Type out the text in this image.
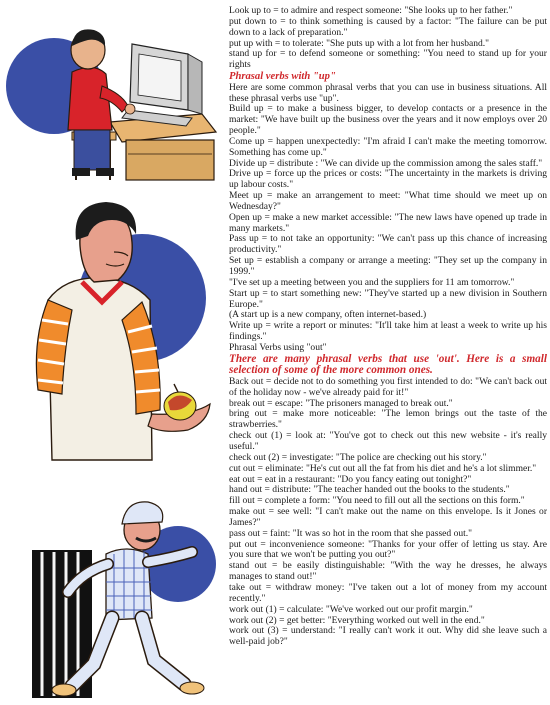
Look up to = to admire and respect someone: "She looks up to her father."

put down to = to think something is caused by a factor: "The failure can be put down to a lack of preparation."

put up with = to tolerate: "She puts up with a lot from her husband."

stand up for = to defend someone or something: "You need to stand up for your rights

Phrasal verbs with "up"

Here are some common phrasal verbs that you can use in business situations. All these phrasal verbs use "up".

Build up = to make a business bigger, to develop contacts or a presence in the market: "We have built up the business over the years and it now employs over 20 people."

Come up = happen unexpectedly: "I'm afraid I can't make the meeting tomorrow. Something has come up."

Divide up = distribute : "We can divide up the commission among the sales staff."

Drive up = force up the prices or costs: "The uncertainty in the markets is driving up labour costs."

Meet up = make an arrangement to meet: "What time should we meet up on Wednesday?"

Open up = make a new market accessible: "The new laws have opened up trade in many markets."

Pass up = to not take an opportunity: "We can't pass up this chance of increasing productivity."

Set up = establish a company or arrange a meeting: "They set up the company in 1999."

"I've set up a meeting between you and the suppliers for 11 am tomorrow."

Start up = to start something new: "They've started up a new division in Southern Europe."

(A start up is a new company, often internet-based.)

Write up = write a report or minutes: "It'll take him at least a week to write up his findings."

Phrasal Verbs using "out"

There are many phrasal verbs that use 'out'. Here is a small selection of some of the more common ones.

Back out = decide not to do something you first intended to do: "We can't back out of the holiday now - we've already paid for it!"

break out = escape: "The prisoners managed to break out."

bring out = make more noticeable: "The lemon brings out the taste of the strawberries."

check out (1) = look at: "You've got to check out this new website - it's really useful."

check out (2) = investigate: "The police are checking out his story."

cut out = eliminate: "He's cut out all the fat from his diet and he's a lot slimmer."

eat out = eat in a restaurant: "Do you fancy eating out tonight?"

hand out = distribute: "The teacher handed out the books to the students."

fill out = complete a form: "You need to fill out all the sections on this form."

make out = see well: "I can't make out the name on this envelope. Is it Jones or James?"

pass out = faint: "It was so hot in the room that she passed out."

put out = inconvenience someone: "Thanks for your offer of letting us stay. Are you sure that we won't be putting you out?"

stand out = be easily distinguishable: "With the way he dresses, he always manages to stand out!"

take out = withdraw money: "I've taken out a lot of money from my account recently."

work out (1) = calculate: "We've worked out our profit margin."

work out (2) = get better: "Everything worked out well in the end."

work out (3) = understand: "I really can't work it out. Why did she leave such a well-paid job?"
